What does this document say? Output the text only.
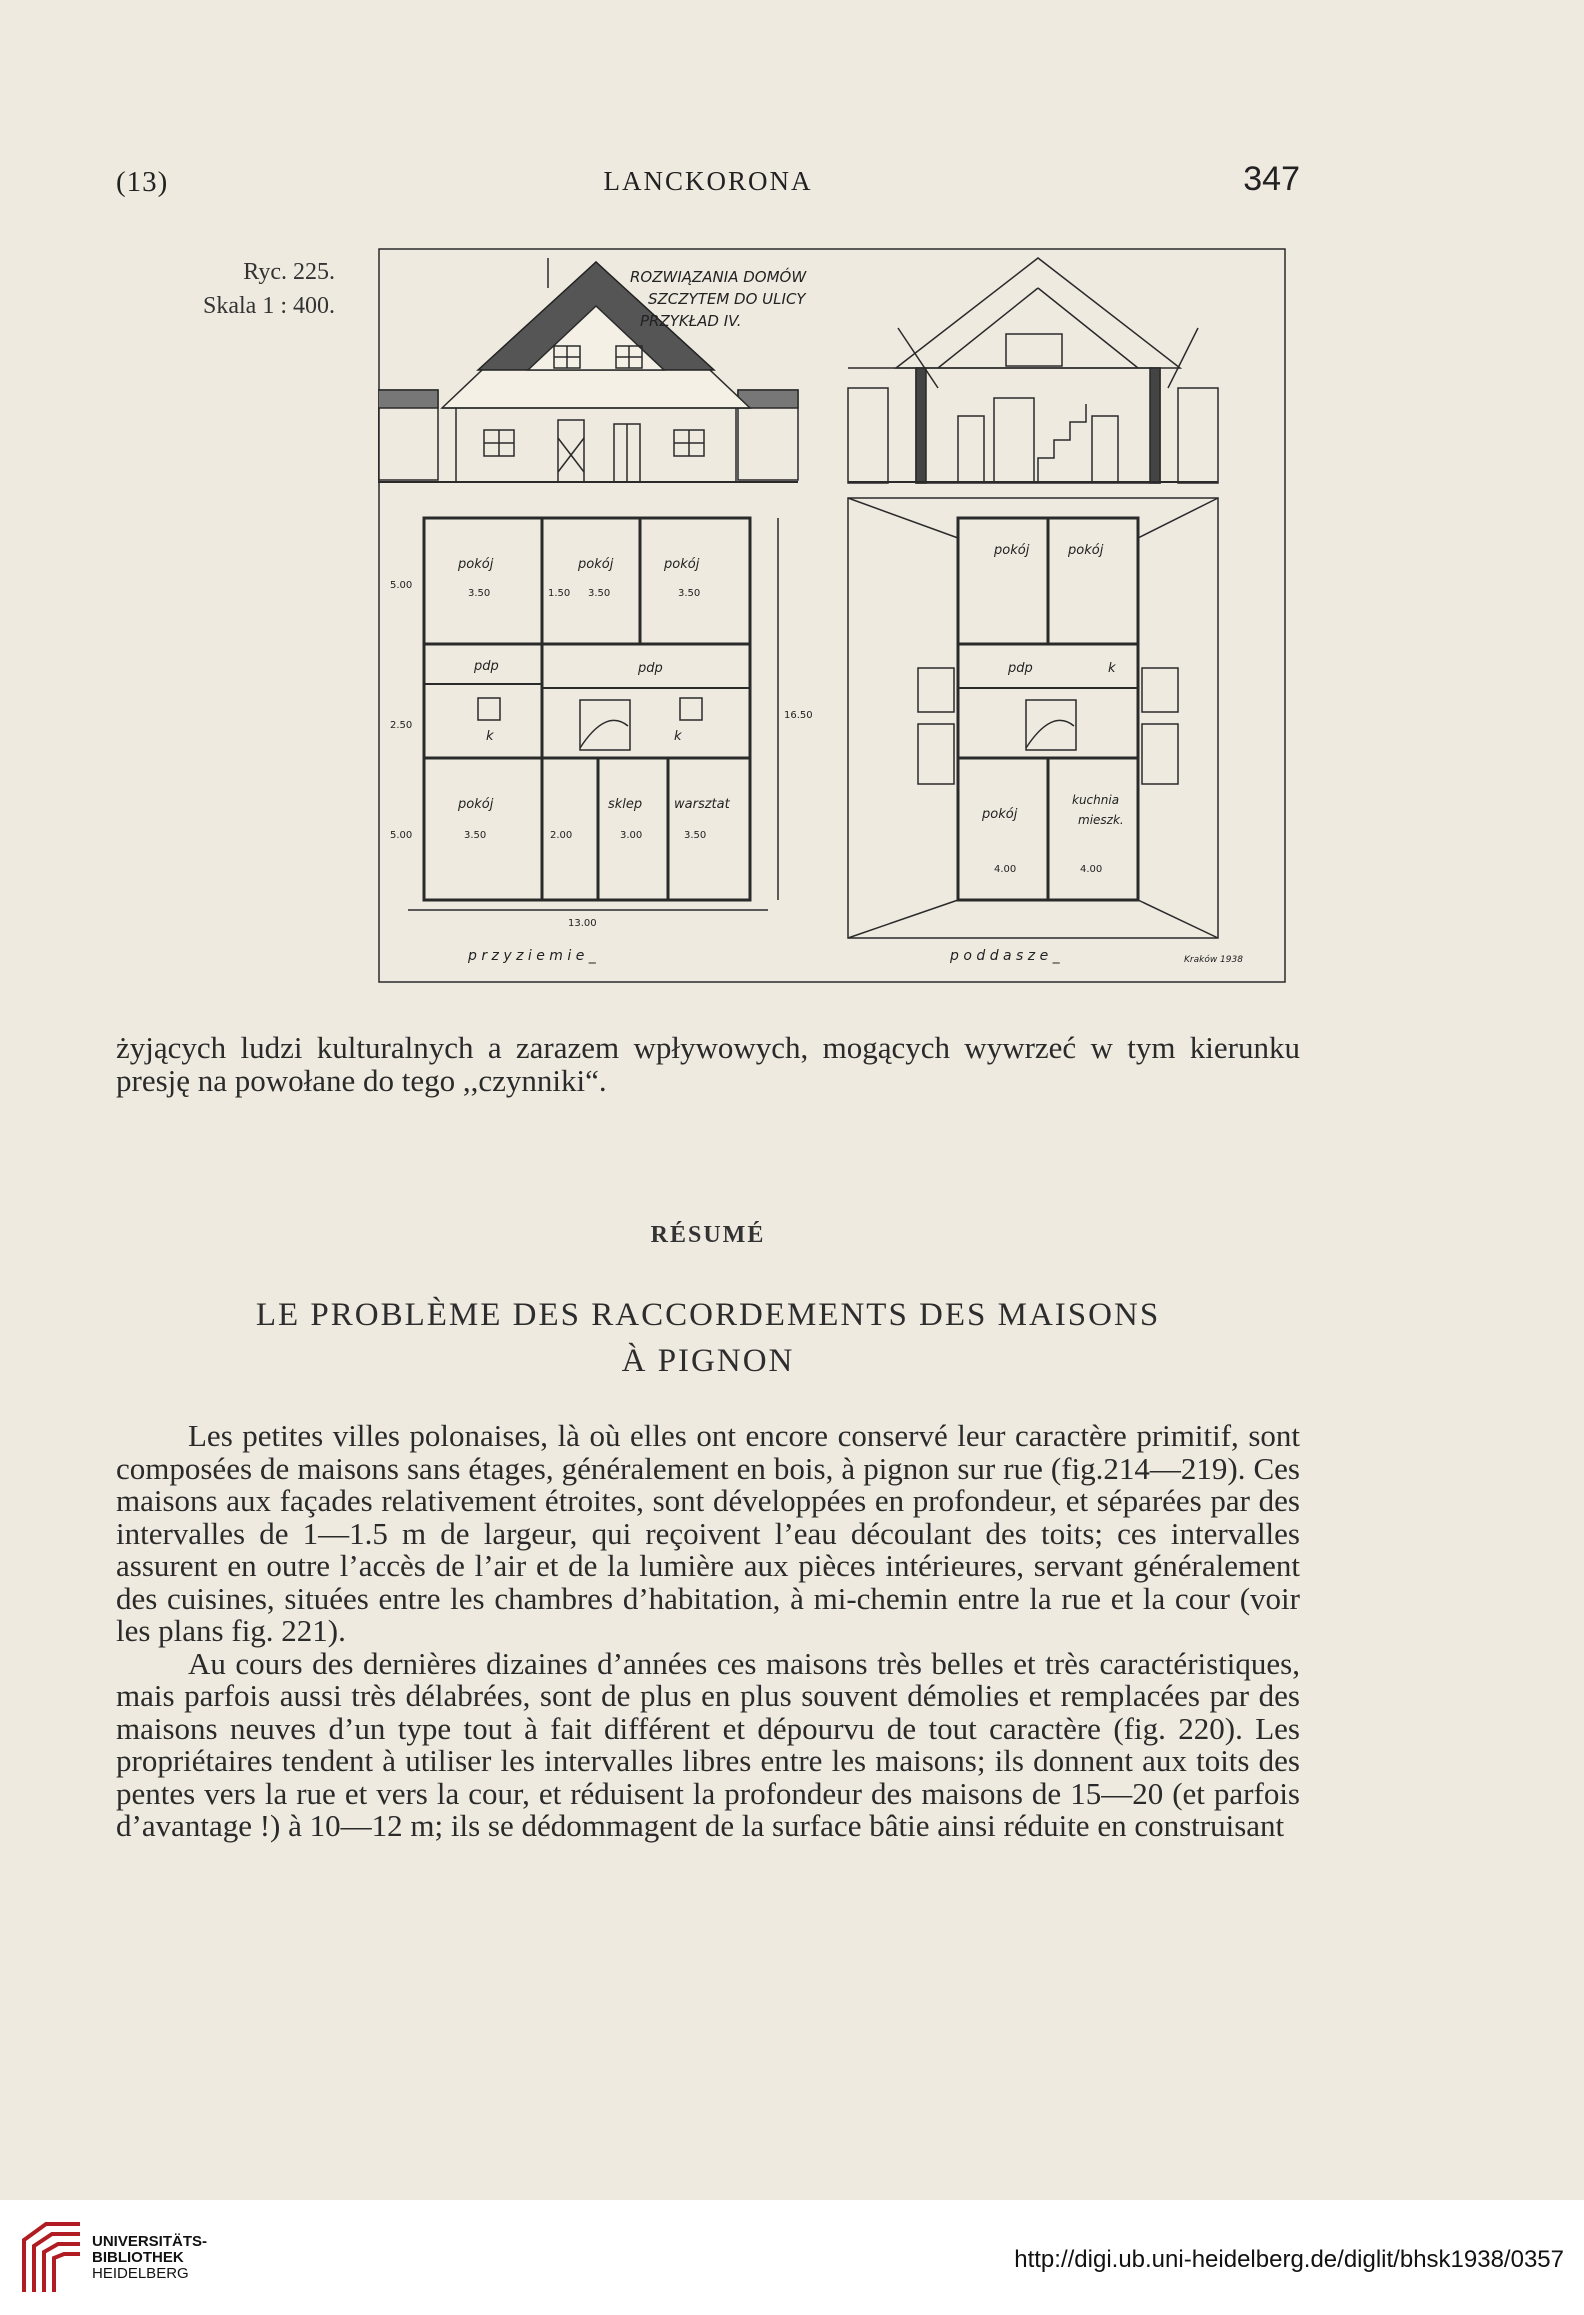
(13)	LANCKORONA	347
Ryc. 225.
Skala 1 : 400.
ROZWIĄZANIA DOMÓW
SZCZYTEM DO ULICY
PRZYKŁAD IV.
pokój	pokój	pokój
pdp	pdp
k	k
pokój	sklep warsztat
3.50	1.50 3.50	3.50
3.50	2.00	3.00	3.50
13.00
16.50
5.00
2.50
5.00
p r z y z i e m i e _
pokój	pokój
pdp	k
pokój
kuchnia
mieszk.
4.00	4.00
p o d d a s z e _	Kraków 1938

żyjących ludzi kulturalnych a zarazem wpływowych, mogących wywrzeć w tym kierunku presję na powołane do tego ,,czynniki“.

RÉSUMÉ
LE PROBLÈME DES RACCORDEMENTS DES MAISONS
À PIGNON

Les petites villes polonaises, là où elles ont encore conservé leur caractère primitif, sont composées de maisons sans étages, généralement en bois, à pignon sur rue (fig.214—219). Ces maisons aux façades relativement étroites, sont développées en profondeur, et séparées par des intervalles de 1—1.5 m de largeur, qui reçoivent l’eau découlant des toits; ces intervalles assurent en outre l’accès de l’air et de la lumière aux pièces intérieures, servant généralement des cuisines, situées entre les chambres d’habitation, à mi-chemin entre la rue et la cour (voir les plans fig. 221).

Au cours des dernières dizaines d’années ces maisons très belles et très caractéristiques, mais parfois aussi très délabrées, sont de plus en plus souvent démolies et remplacées par des maisons neuves d’un type tout à fait différent et dépourvu de tout caractère (fig. 220). Les propriétaires tendent à utiliser les intervalles libres entre les maisons; ils donnent aux toits des pentes vers la rue et vers la cour, et réduisent la profondeur des maisons de 15—20 (et parfois d’avantage !) à 10—12 m; ils se dédommagent de la surface bâtie ainsi réduite en construisant

UNIVERSITÄTS-
BIBLIOTHEK
HEIDELBERG
http://digi.ub.uni-heidelberg.de/diglit/bhsk1938/0357
